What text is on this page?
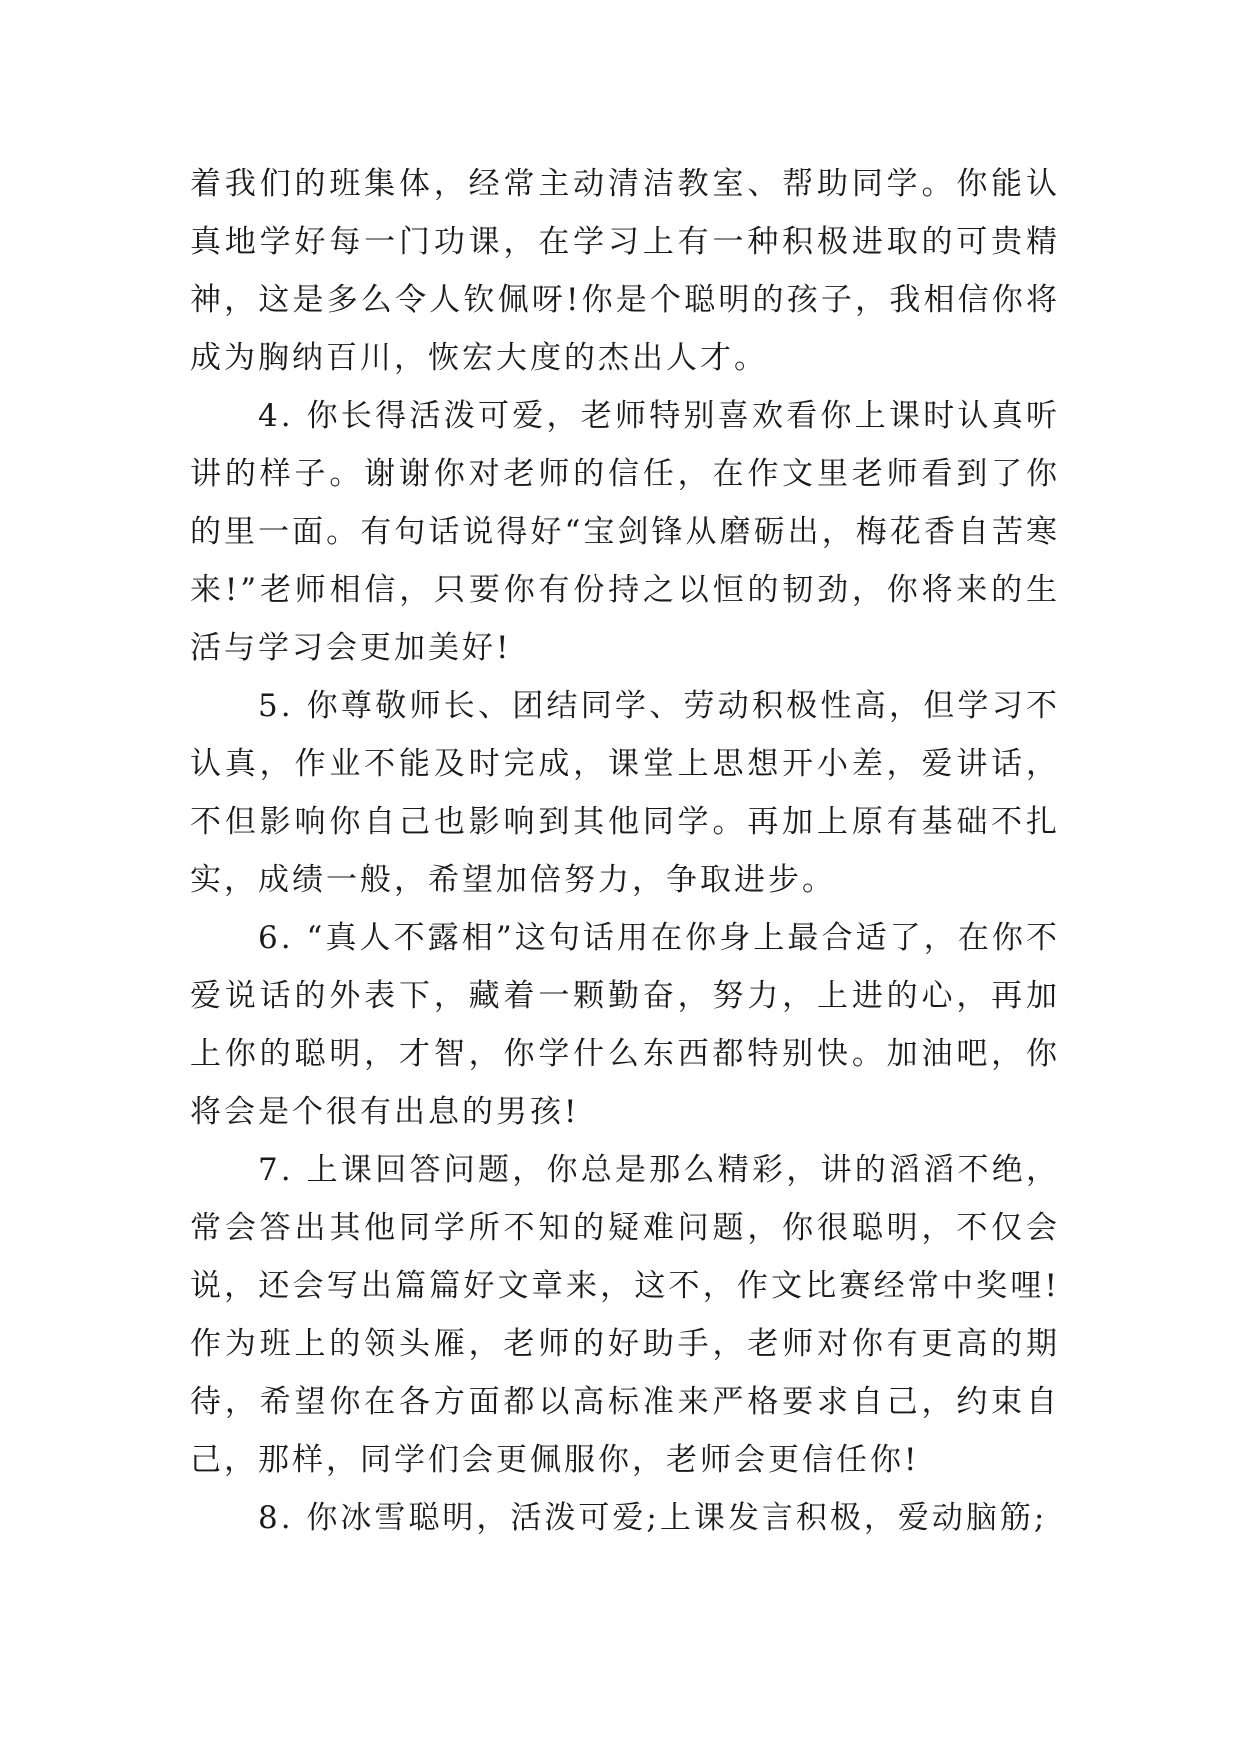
着我们的班集体，经常主动清洁教室、帮助同学。你能认真地学好每一门功课，在学习上有一种积极进取的可贵精神，这是多么令人钦佩呀!你是个聪明的孩子，我相信你将成为胸纳百川，恢宏大度的杰出人才。

4. 你长得活泼可爱，老师特别喜欢看你上课时认真听讲的样子。谢谢你对老师的信任，在作文里老师看到了你的里一面。有句话说得好“宝剑锋从磨砺出，梅花香自苦寒来!”老师相信，只要你有份持之以恒的韧劲，你将来的生活与学习会更加美好!

5. 你尊敬师长、团结同学、劳动积极性高，但学习不认真，作业不能及时完成，课堂上思想开小差，爱讲话，不但影响你自己也影响到其他同学。再加上原有基础不扎实，成绩一般，希望加倍努力，争取进步。

6. “真人不露相”这句话用在你身上最合适了，在你不爱说话的外表下，藏着一颗勤奋，努力，上进的心，再加上你的聪明，才智，你学什么东西都特别快。加油吧，你将会是个很有出息的男孩!

7. 上课回答问题，你总是那么精彩，讲的滔滔不绝，常会答出其他同学所不知的疑难问题，你很聪明，不仅会说，还会写出篇篇好文章来，这不，作文比赛经常中奖哩!作为班上的领头雁，老师的好助手，老师对你有更高的期待，希望你在各方面都以高标准来严格要求自己，约束自己，那样，同学们会更佩服你，老师会更信任你!

8. 你冰雪聪明，活泼可爱;上课发言积极，爱动脑筋;
